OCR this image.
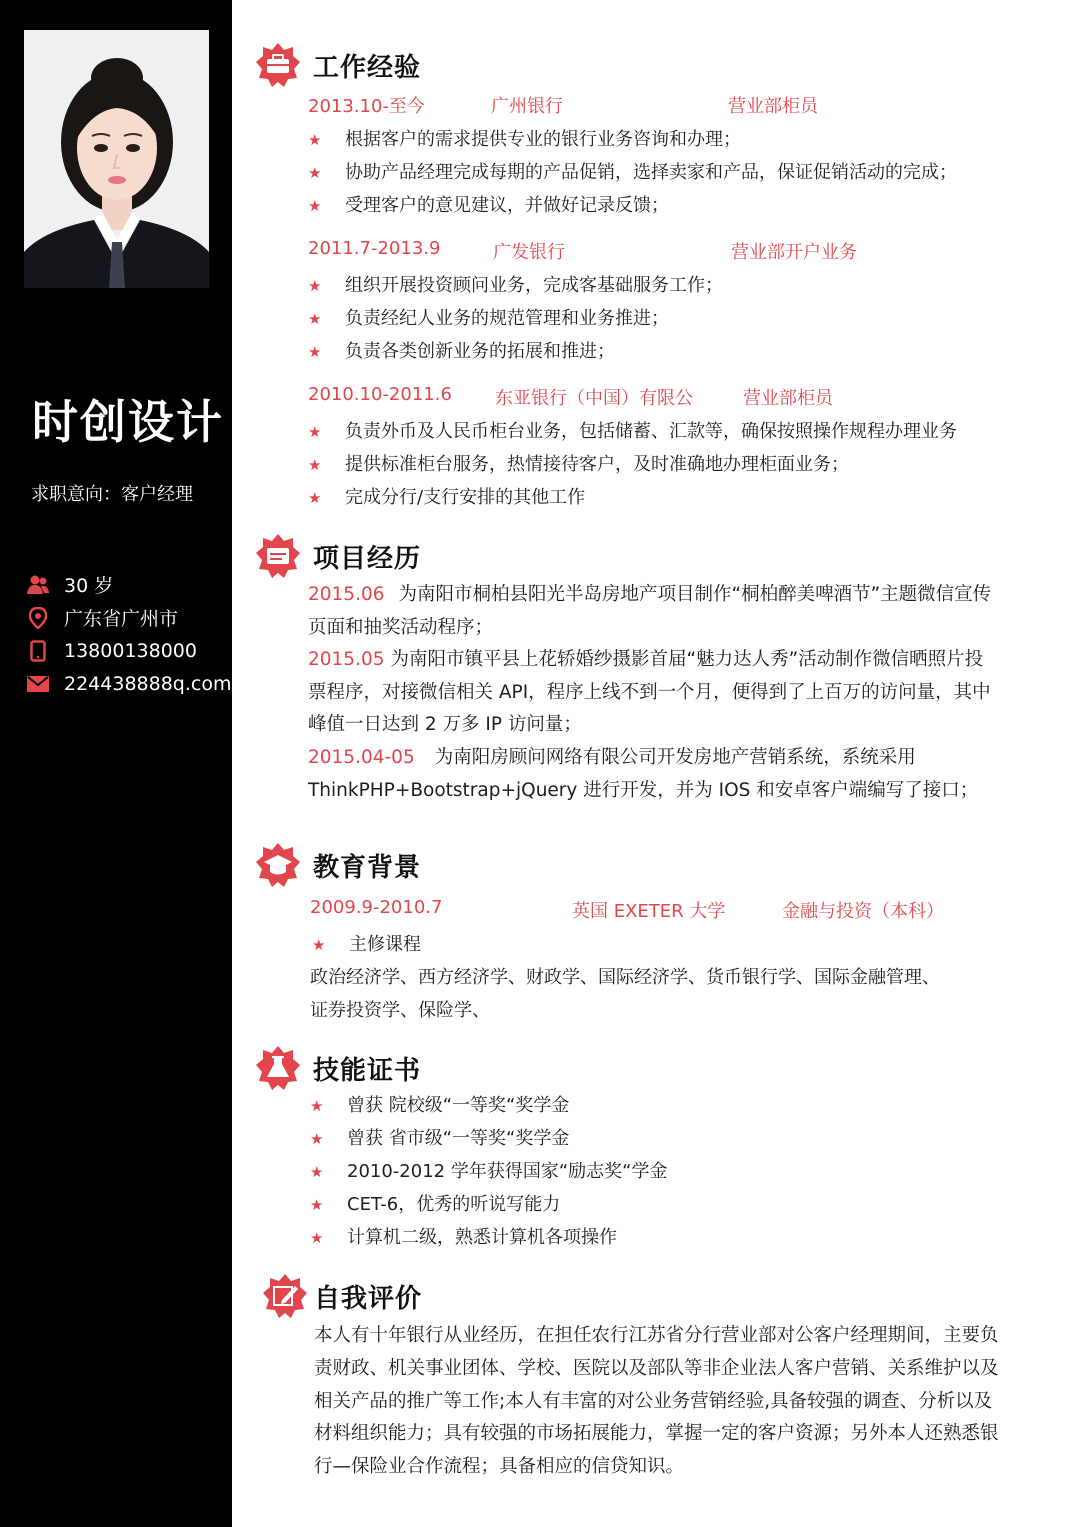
时创设计
求职意向：客户经理
30 岁
广东省广州市
13800138000
224438888q.com
工作经验
2013.10-至今	广州银行	营业部柜员
★ 根据客户的需求提供专业的银行业务咨询和办理；
★ 协助产品经理完成每期的产品促销，选择卖家和产品，保证促销活动的完成；
★ 受理客户的意见建议，并做好记录反馈；
2011.7-2013.9	广发银行	营业部开户业务
★ 组织开展投资顾问业务，完成客基础服务工作；
★ 负责经纪人业务的规范管理和业务推进；
★ 负责各类创新业务的拓展和推进；
2010.10-2011.6 东亚银行（中国）有限公	营业部柜员
★ 负责外币及人民币柜台业务，包括储蓄、汇款等，确保按照操作规程办理业务
★ 提供标准柜台服务，热情接待客户，及时准确地办理柜面业务；
★ 完成分行/支行安排的其他工作
项目经历
2015.06 为南阳市桐柏县阳光半岛房地产项目制作“桐柏醉美啤酒节”主题微信宣传页面和抽奖活动程序；
2015.05 为南阳市镇平县上花轿婚纱摄影首届“魅力达人秀”活动制作微信晒照片投票程序，对接微信相关 API，程序上线不到一个月，便得到了上百万的访问量，其中峰值一日达到 2 万多 IP 访问量；
2015.04-05 为南阳房顾问网络有限公司开发房地产营销系统，系统采用 ThinkPHP+Bootstrap+jQuery 进行开发，并为 IOS 和安卓客户端编写了接口；
教育背景
2009.9-2010.7	英国 EXETER 大学	金融与投资（本科）
★ 主修课程
政治经济学、西方经济学、财政学、国际经济学、货币银行学、国际金融管理、
证券投资学、保险学、
技能证书
★ 曾获 院校级“一等奖“奖学金
★ 曾获 省市级“一等奖“奖学金
★ 2010-2012 学年获得国家“励志奖“学金
★ CET-6，优秀的听说写能力
★ 计算机二级，熟悉计算机各项操作
自我评价
本人有十年银行从业经历，在担任农行江苏省分行营业部对公客户经理期间，主要负责财政、机关事业团体、学校、医院以及部队等非企业法人客户营销、关系维护以及相关产品的推广等工作;本人有丰富的对公业务营销经验,具备较强的调查、分析以及材料组织能力；具有较强的市场拓展能力，掌握一定的客户资源；另外本人还熟悉银行—保险业合作流程；具备相应的信贷知识。
